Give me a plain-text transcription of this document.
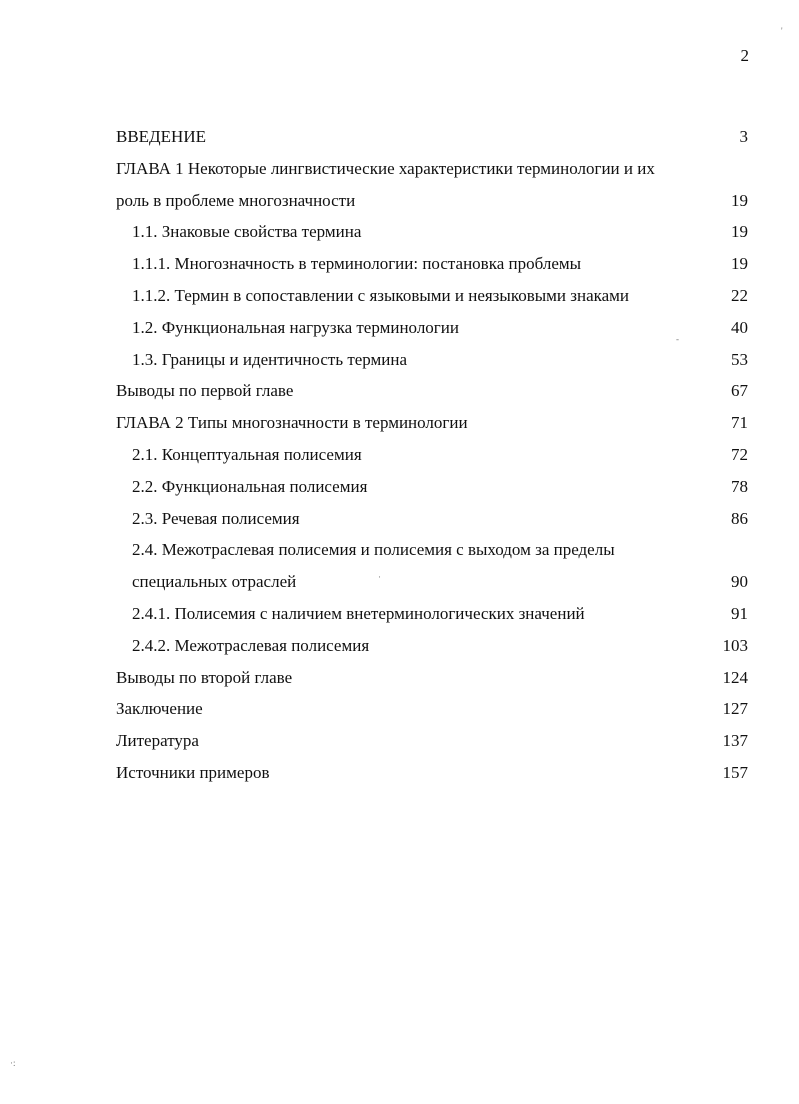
2
ВВЕДЕНИЕ	3
ГЛАВА 1 Некоторые лингвистические характеристики терминологии и их роль в проблеме многозначности	19
1.1. Знаковые свойства термина	19
1.1.1. Многозначность в терминологии: постановка проблемы	19
1.1.2. Термин в сопоставлении с языковыми и неязыковыми знаками	22
1.2. Функциональная нагрузка терминологии	40
1.3. Границы и идентичность термина	53
Выводы по первой главе	67
ГЛАВА 2 Типы многозначности в терминологии	71
2.1. Концептуальная полисемия	72
2.2. Функциональная полисемия	78
2.3. Речевая полисемия	86
2.4. Межотраслевая полисемия и полисемия с выходом за пределы специальных отраслей	90
2.4.1. Полисемия с наличием внетерминологических значений	91
2.4.2. Межотраслевая полисемия	103
Выводы по второй главе	124
Заключение	127
Литература	137
Источники примеров	157
'
-
·
·:
